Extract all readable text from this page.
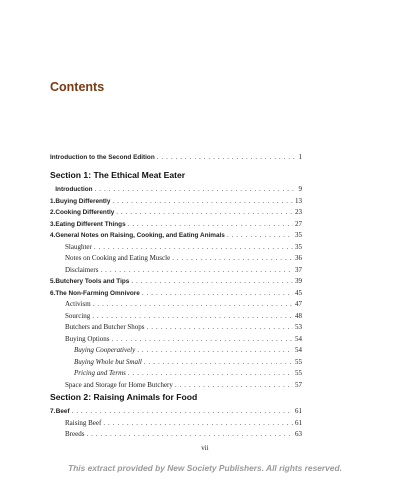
Contents
Introduction to the Second Edition . . .	1
Section 1: The Ethical Meat Eater
Introduction . . .	9
1. Buying Differently . . .	13
2. Cooking Differently . . .	23
3. Eating Different Things . . .	27
4. General Notes on Raising, Cooking, and Eating Animals . . .	35
Slaughter . . .	35
Notes on Cooking and Eating Muscle . . .	36
Disclaimers . . .	37
5. Butchery Tools and Tips . . .	39
6. The Non-Farming Omnivore . . .	45
Activism . . .	47
Sourcing . . .	48
Butchers and Butcher Shops . . .	53
Buying Options . . .	54
Buying Cooperatively . . .	54
Buying Whole but Small . . .	55
Pricing and Terms . . .	55
Space and Storage for Home Butchery . . .	57
Section 2: Raising Animals for Food
7. Beef . . .	61
Raising Beef . . .	61
Breeds . . .	63
vii
This extract provided by New Society Publishers. All rights reserved.
